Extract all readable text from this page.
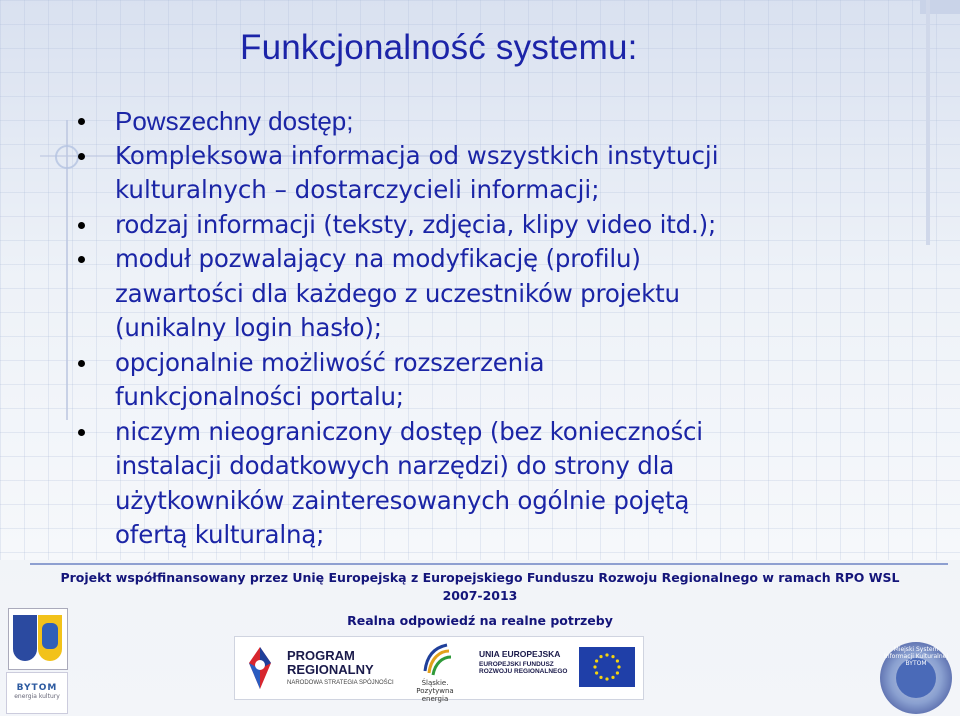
Funkcjonalność systemu:
Powszechny dostęp;
Kompleksowa informacja od wszystkich instytucji
kulturalnych – dostarczycieli informacji;
rodzaj informacji (teksty, zdjęcia, klipy video itd.);
moduł pozwalający na modyfikację (profilu)
zawartości dla każdego z uczestników projektu
(unikalny login hasło);
opcjonalnie możliwość rozszerzenia
funkcjonalności portalu;
niczym nieograniczony dostęp (bez konieczności
instalacji dodatkowych narzędzi) do strony dla
użytkowników zainteresowanych ogólnie pojętą
ofertą kulturalną;
Projekt współfinansowany przez Unię Europejską z Europejskiego Funduszu Rozwoju Regionalnego w ramach RPO WSL
2007-2013
Realna odpowiedź na realne potrzeby
BYTOM
energia kultury
PROGRAM
REGIONALNY
NARODOWA STRATEGIA SPÓJNOŚCI	Śląskie.
Pozytywna energia
UNIA EUROPEJSKA
EUROPEJSKI FUNDUSZ
ROZWOJU REGIONALNEGO
Miejski System Informacji Kulturalnej BYTOM
